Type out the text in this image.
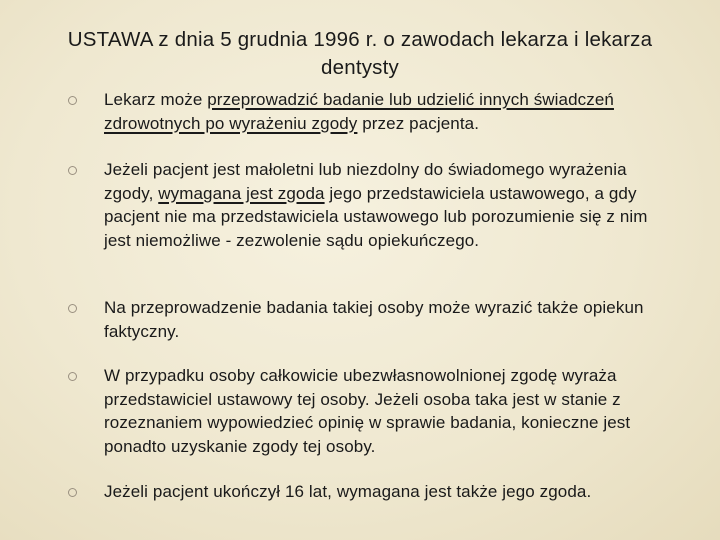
USTAWA z dnia 5 grudnia 1996 r. o zawodach lekarza i lekarza dentysty
Lekarz może przeprowadzić badanie lub udzielić innych świadczeń zdrowotnych po wyrażeniu zgody przez pacjenta.
Jeżeli pacjent jest małoletni lub niezdolny do świadomego wyrażenia zgody, wymagana jest zgoda jego przedstawiciela ustawowego, a gdy pacjent nie ma przedstawiciela ustawowego lub porozumienie się z nim jest niemożliwe - zezwolenie sądu opiekuńczego.
Na przeprowadzenie badania takiej osoby może wyrazić także opiekun faktyczny.
W przypadku osoby całkowicie ubezwłasnowolnionej zgodę wyraża przedstawiciel ustawowy tej osoby. Jeżeli osoba taka jest w stanie z rozeznaniem wypowiedzieć opinię w sprawie badania, konieczne jest ponadto uzyskanie zgody tej osoby.
Jeżeli pacjent ukończył 16 lat, wymagana jest także jego zgoda.
